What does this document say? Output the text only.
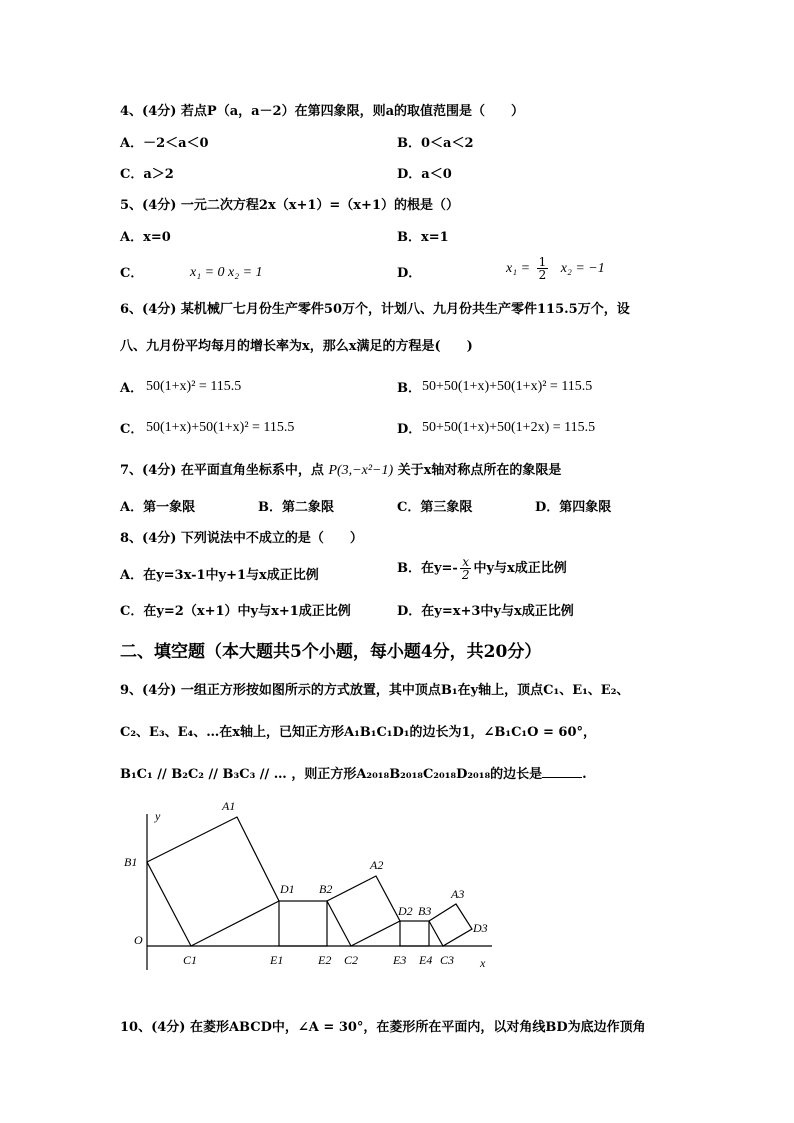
4、(4分) 若点P（a，a－2）在第四象限，则a的取值范围是（　　）
A．－2＜a＜0	B．0＜a＜2
C．a＞2	D．a＜0
5、(4分) 一元二次方程2x（x+1）=（x+1）的根是（）
A．x=0	B．x=1
C．	x₁ = 0 x₂ = 1	D．	$x_1 = \frac{1}{2} x_2 = -1$
6、(4分) 某机械厂七月份生产零件50万个，计划八、九月份共生产零件115.5万个，设
八、九月份平均每月的增长率为x，那么x满足的方程是(　　)
A． 50(1+x)² = 115.5	B． 50+50(1+x)+50(1+x)² = 115.5
C． 50(1+x)+50(1+x)² = 115.5	D． 50+50(1+x)+50(1+2x) = 115.5
7、(4分) 在平面直角坐标系中，点 P(3,−x²−1) 关于x轴对称点所在的象限是
A．第一象限	B．第二象限	C．第三象限	D．第四象限
8、(4分) 下列说法中不成立的是（　　）
A．在y=3x-1中y+1与x成正比例	B．在$y=- \frac{x}{2}$ 中y与x成正比例
C．在y=2（x+1）中y与x+1成正比例	D．在y=x+3中y与x成正比例
二、填空题（本大题共5个小题，每小题4分，共20分）
9、(4分) 一组正方形按如图所示的方式放置，其中顶点B₁在y轴上，顶点C₁、E₁、E₂、
C₂、E₃、E₄、…在x轴上，已知正方形A₁B₁C₁D₁的边长为1，∠B₁C₁O = 60°，
B₁C₁ // B₂C₂ // B₃C₃ // … ，则正方形A₂₀₁₈B₂₀₁₈C₂₀₁₈D₂₀₁₈的边长是	.
y
x
O
A1
B1
C1
D1
E1
A2
B2
C2
D2
E2
A3
B3
C3
D3
E3 E4
10、(4分) 在菱形ABCD中，∠A = 30°，在菱形所在平面内，以对角线BD为底边作顶角
